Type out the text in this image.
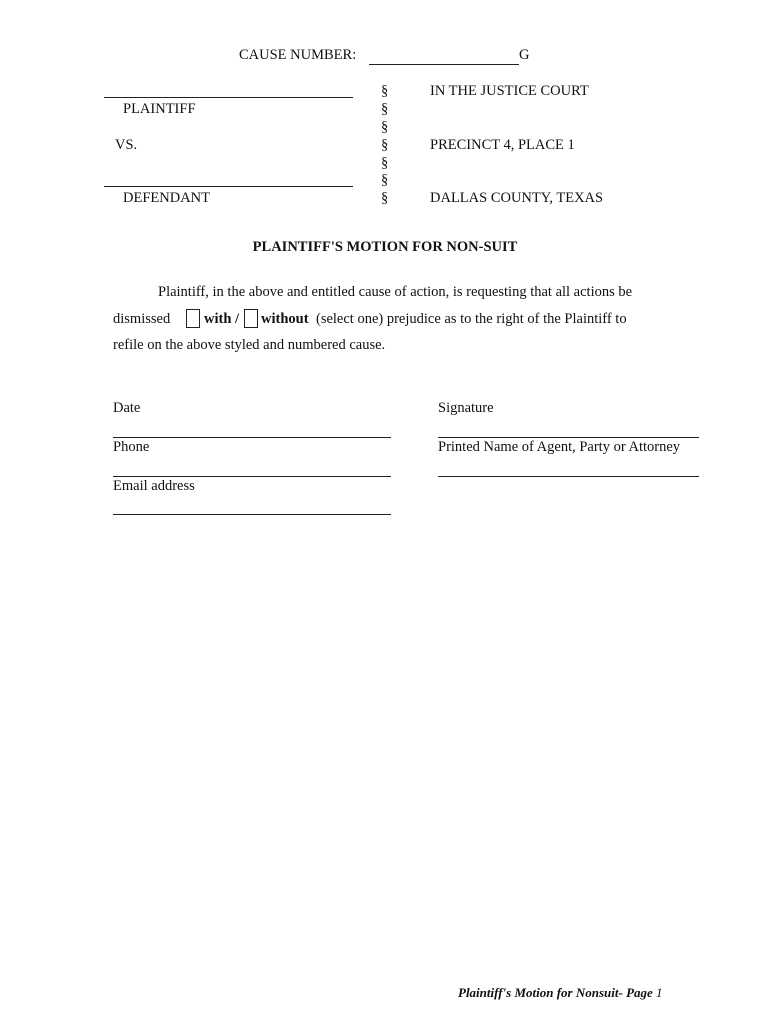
CAUSE NUMBER:	G
PLAINTIFF
VS.
DEFENDANT
§
§
§
§
§
§
§
IN THE JUSTICE COURT
PRECINCT 4, PLACE 1
DALLAS COUNTY, TEXAS
PLAINTIFF'S MOTION FOR NON-SUIT
Plaintiff, in the above and entitled cause of action, is requesting that all actions be
dismissed with / without (select one) prejudice as to the right of the Plaintiff to
refile on the above styled and numbered cause.
Date
Phone
Email address
Signature
Printed Name of Agent, Party or Attorney
Plaintiff's Motion for Nonsuit- Page 1
